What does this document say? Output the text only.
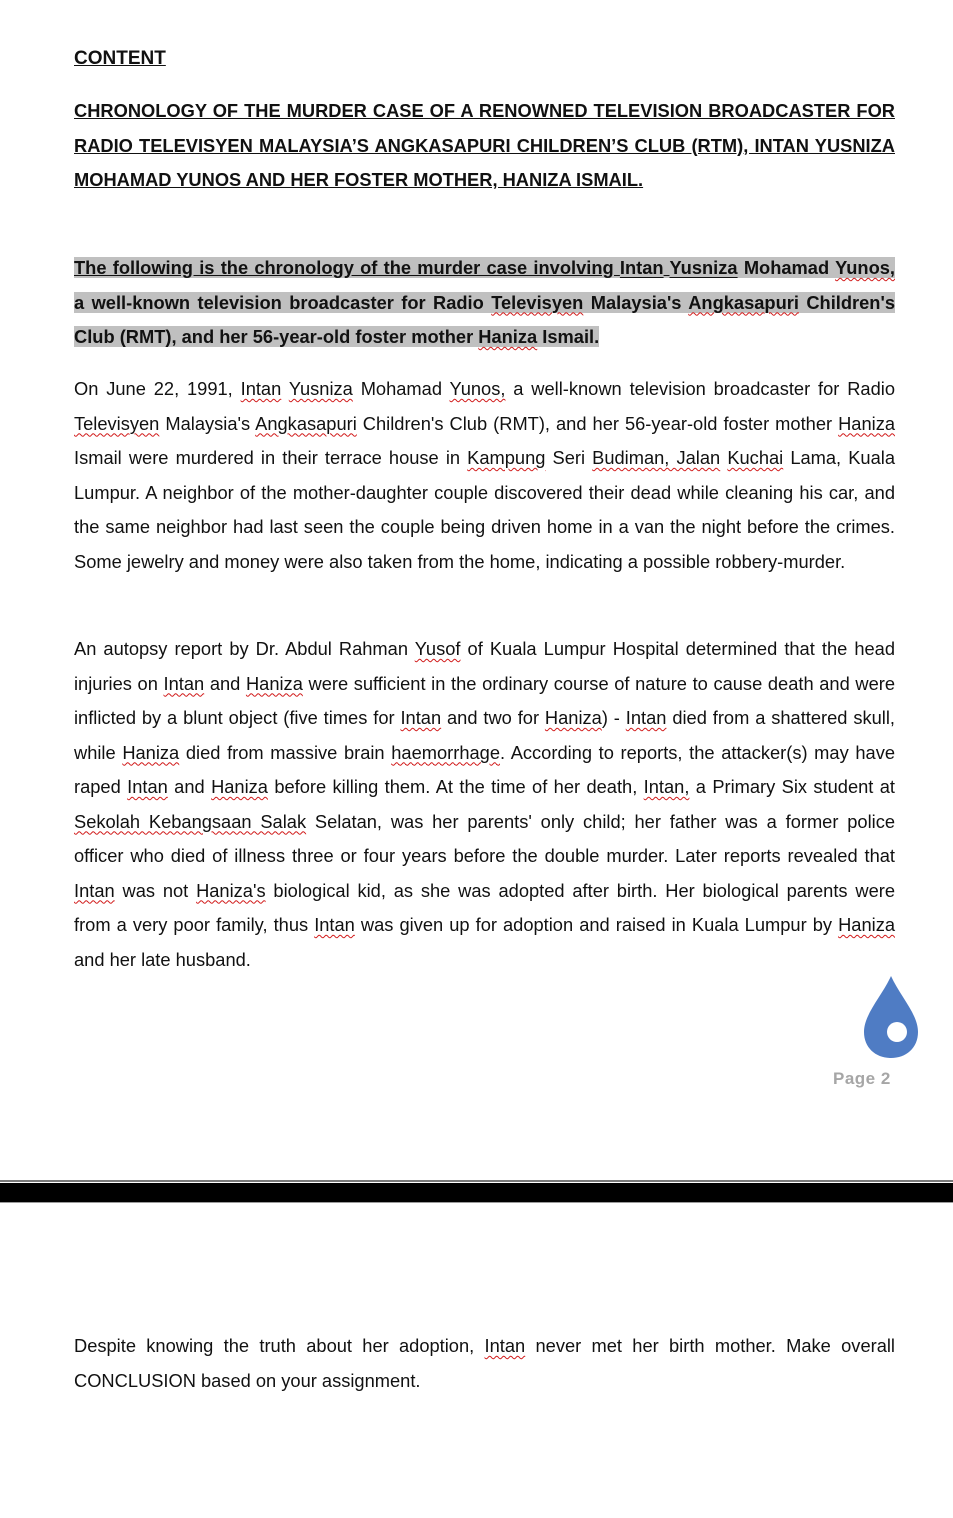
CONTENT

CHRONOLOGY OF THE MURDER CASE OF A RENOWNED TELEVISION BROADCASTER FOR RADIO TELEVISYEN MALAYSIA’S ANGKASAPURI CHILDREN’S CLUB (RTM), INTAN YUSNIZA MOHAMAD YUNOS AND HER FOSTER MOTHER, HANIZA ISMAIL.

The following is the chronology of the murder case involving Intan Yusniza Mohamad Yunos, a well-known television broadcaster for Radio Televisyen Malaysia's Angkasapuri Children's Club (RMT), and her 56-year-old foster mother Haniza Ismail.

On June 22, 1991, Intan Yusniza Mohamad Yunos, a well-known television broadcaster for Radio Televisyen Malaysia's Angkasapuri Children's Club (RMT), and her 56-year-old foster mother Haniza Ismail were murdered in their terrace house in Kampung Seri Budiman, Jalan Kuchai Lama, Kuala Lumpur. A neighbor of the mother-daughter couple discovered their dead while cleaning his car, and the same neighbor had last seen the couple being driven home in a van the night before the crimes. Some jewelry and money were also taken from the home, indicating a possible robbery-murder.

An autopsy report by Dr. Abdul Rahman Yusof of Kuala Lumpur Hospital determined that the head injuries on Intan and Haniza were sufficient in the ordinary course of nature to cause death and were inflicted by a blunt object (five times for Intan and two for Haniza) - Intan died from a shattered skull, while Haniza died from massive brain haemorrhage. According to reports, the attacker(s) may have raped Intan and Haniza before killing them. At the time of her death, Intan, a Primary Six student at Sekolah Kebangsaan Salak Selatan, was her parents' only child; her father was a former police officer who died of illness three or four years before the double murder. Later reports revealed that Intan was not Haniza's biological kid, as she was adopted after birth. Her biological parents were from a very poor family, thus Intan was given up for adoption and raised in Kuala Lumpur by Haniza and her late husband.

Page 2

Despite knowing the truth about her adoption, Intan never met her birth mother. Make overall CONCLUSION based on your assignment.
